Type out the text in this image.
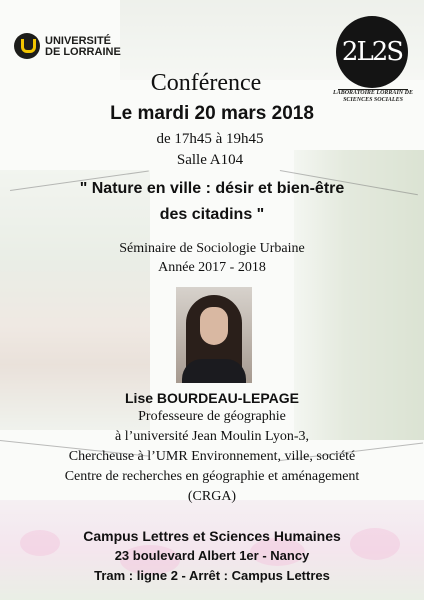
UNIVERSITÉ
DE LORRAINE	2L2S
LABORATOIRE LORRAIN DE SCIENCES SOCIALES
Conférence
Le mardi 20 mars 2018
de 17h45 à 19h45
Salle A104
" Nature en ville : désir et bien-être
des citadins "
Séminaire de Sociologie Urbaine
Année 2017 - 2018
Lise BOURDEAU-LEPAGE
Professeure de géographie
à l’université Jean Moulin Lyon-3,
Chercheuse à l’UMR Environnement, ville, société
Centre de recherches en géographie et aménagement
(CRGA)
Campus Lettres et Sciences Humaines
23 boulevard Albert 1er - Nancy
Tram : ligne 2 - Arrêt : Campus Lettres
